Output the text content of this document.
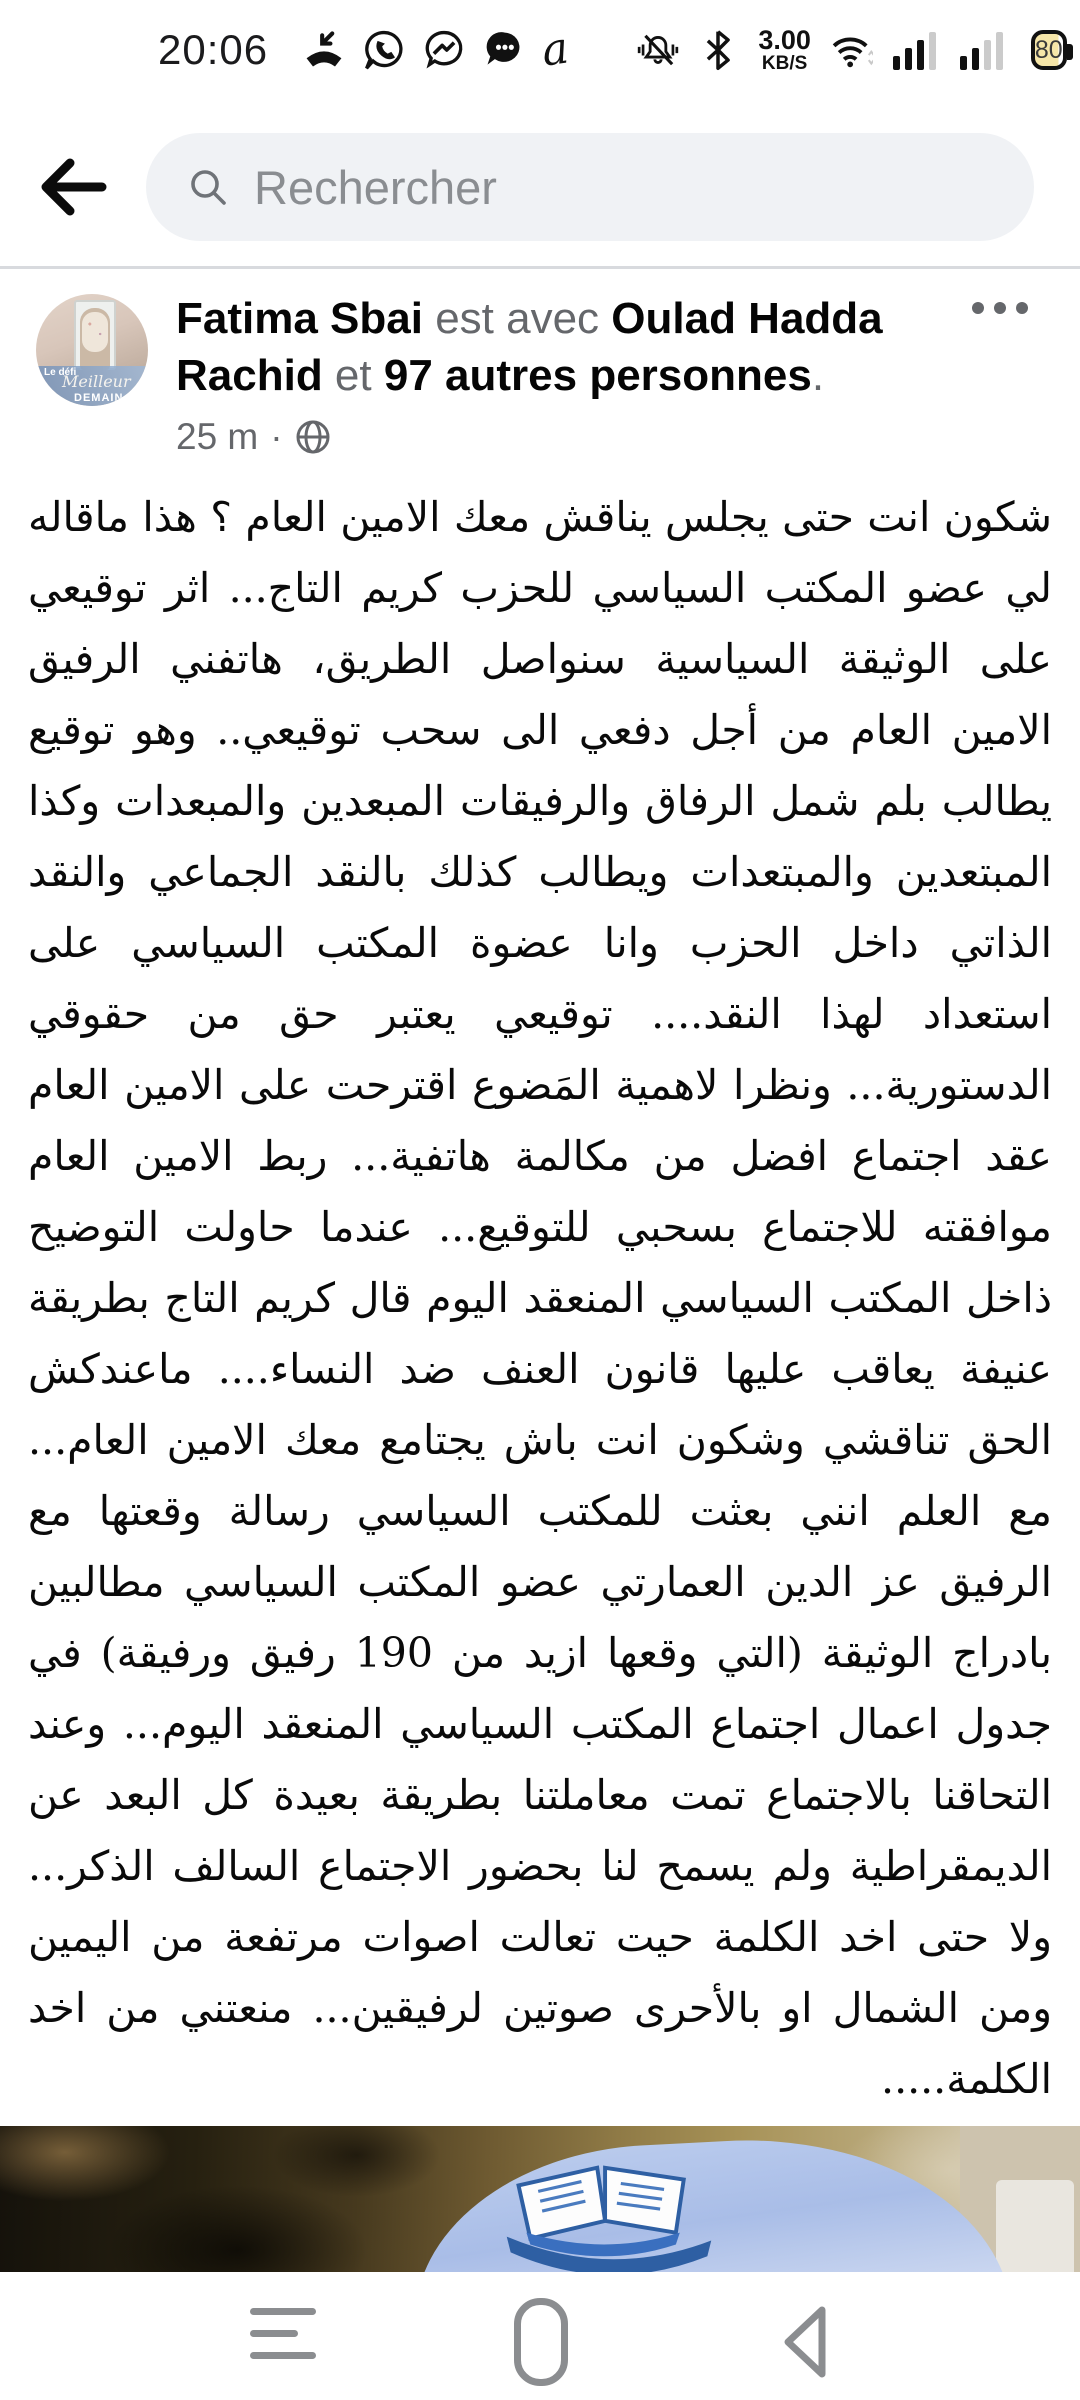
20:06	a	3.00
KB/S
80
Rechercher
Le défi
Meilleur
DEMAIN
Fatima Sbai est avec Oulad Hadda Rachid et 97 autres personnes.
25 m ·
شكون انت حتى يجلس يناقش معك الامين العام ؟ هذا ماقاله لي عضو المكتب السياسي للحزب كريم التاج... اثر توقيعي على الوثيقة السياسية سنواصل الطريق، هاتفني الرفيق الامين العام من أجل دفعي الى سحب توقيعي.. وهو توقيع يطالب بلم شمل الرفاق والرفيقات المبعدين والمبعدات وكذا المبتعدين والمبتعدات ويطالب كذلك بالنقد الجماعي والنقد الذاتي داخل الحزب وانا عضوة المكتب السياسي على استعداد لهذا النقد.... توقيعي يعتبر حق من حقوقي الدستورية... ونظرا لاهمية المَضوع اقترحت على الامين العام عقد اجتماع افضل من مكالمة هاتفية... ربط الامين العام موافقته للاجتماع بسحبي للتوقيع... عندما حاولت التوضيح ذاخل المكتب السياسي المنعقد اليوم قال كريم التاج بطريقة عنيفة يعاقب عليها قانون العنف ضد النساء.... ماعندكش الحق تناقشي وشكون انت باش يجتامع معك الامين العام... مع العلم انني بعثت للمكتب السياسي رسالة وقعتها مع الرفيق عز الدين العمارتي عضو المكتب السياسي مطالبين بادراج الوثيقة (التي وقعها ازيد من 190 رفيق ورفيقة) في جدول اعمال اجتماع المكتب السياسي المنعقد اليوم... وعند التحاقنا بالاجتماع تمت معاملتنا بطريقة بعيدة كل البعد عن الديمقراطية ولم يسمح لنا بحضور الاجتماع السالف الذكر... ولا حتى اخد الكلمة حيت تعالت اصوات مرتفعة من اليمين ومن الشمال او بالأحرى صوتين لرفيقين... منعتني من اخد الكلمة.....
